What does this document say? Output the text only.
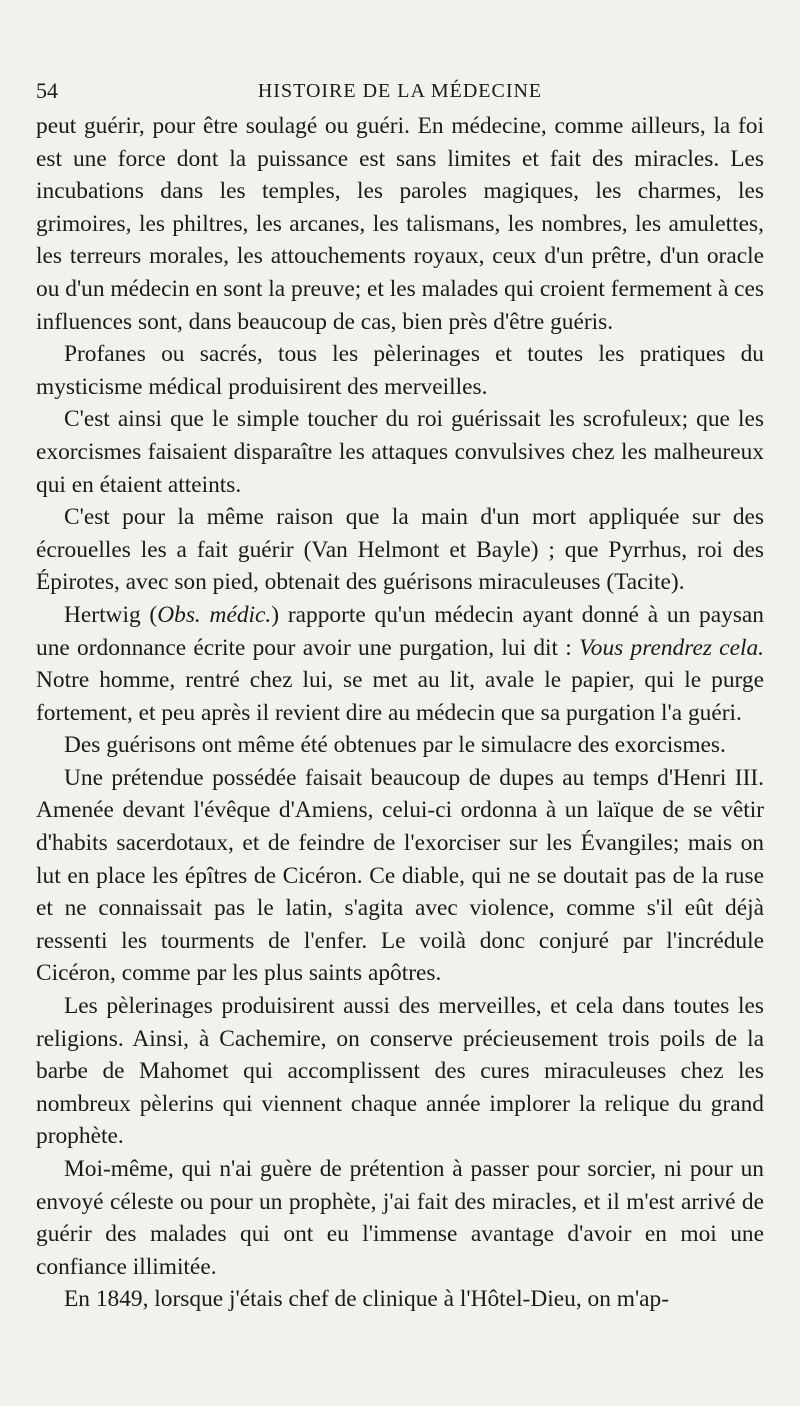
54	HISTOIRE DE LA MÉDECINE

peut guérir, pour être soulagé ou guéri. En médecine, comme ailleurs, la foi est une force dont la puissance est sans limites et fait des miracles. Les incubations dans les temples, les paroles magiques, les charmes, les grimoires, les philtres, les arcanes, les talismans, les nombres, les amulettes, les terreurs morales, les attouchements royaux, ceux d'un prêtre, d'un oracle ou d'un médecin en sont la preuve; et les malades qui croient fermement à ces influences sont, dans beaucoup de cas, bien près d'être guéris.

Profanes ou sacrés, tous les pèlerinages et toutes les pratiques du mysticisme médical produisirent des merveilles.

C'est ainsi que le simple toucher du roi guérissait les scrofuleux; que les exorcismes faisaient disparaître les attaques convulsives chez les malheureux qui en étaient atteints.

C'est pour la même raison que la main d'un mort appliquée sur des écrouelles les a fait guérir (Van Helmont et Bayle) ; que Pyrrhus, roi des Épirotes, avec son pied, obtenait des guérisons miraculeuses (Tacite).

Hertwig (Obs. médic.) rapporte qu'un médecin ayant donné à un paysan une ordonnance écrite pour avoir une purgation, lui dit : Vous prendrez cela. Notre homme, rentré chez lui, se met au lit, avale le papier, qui le purge fortement, et peu après il revient dire au médecin que sa purgation l'a guéri.

Des guérisons ont même été obtenues par le simulacre des exorcismes.

Une prétendue possédée faisait beaucoup de dupes au temps d'Henri III. Amenée devant l'évêque d'Amiens, celui-ci ordonna à un laïque de se vêtir d'habits sacerdotaux, et de feindre de l'exorciser sur les Évangiles; mais on lut en place les épîtres de Cicéron. Ce diable, qui ne se doutait pas de la ruse et ne connaissait pas le latin, s'agita avec violence, comme s'il eût déjà ressenti les tourments de l'enfer. Le voilà donc conjuré par l'incrédule Cicéron, comme par les plus saints apôtres.

Les pèlerinages produisirent aussi des merveilles, et cela dans toutes les religions. Ainsi, à Cachemire, on conserve précieusement trois poils de la barbe de Mahomet qui accomplissent des cures miraculeuses chez les nombreux pèlerins qui viennent chaque année implorer la relique du grand prophète.

Moi-même, qui n'ai guère de prétention à passer pour sorcier, ni pour un envoyé céleste ou pour un prophète, j'ai fait des miracles, et il m'est arrivé de guérir des malades qui ont eu l'immense avantage d'avoir en moi une confiance illimitée.

En 1849, lorsque j'étais chef de clinique à l'Hôtel-Dieu, on m'ap-
